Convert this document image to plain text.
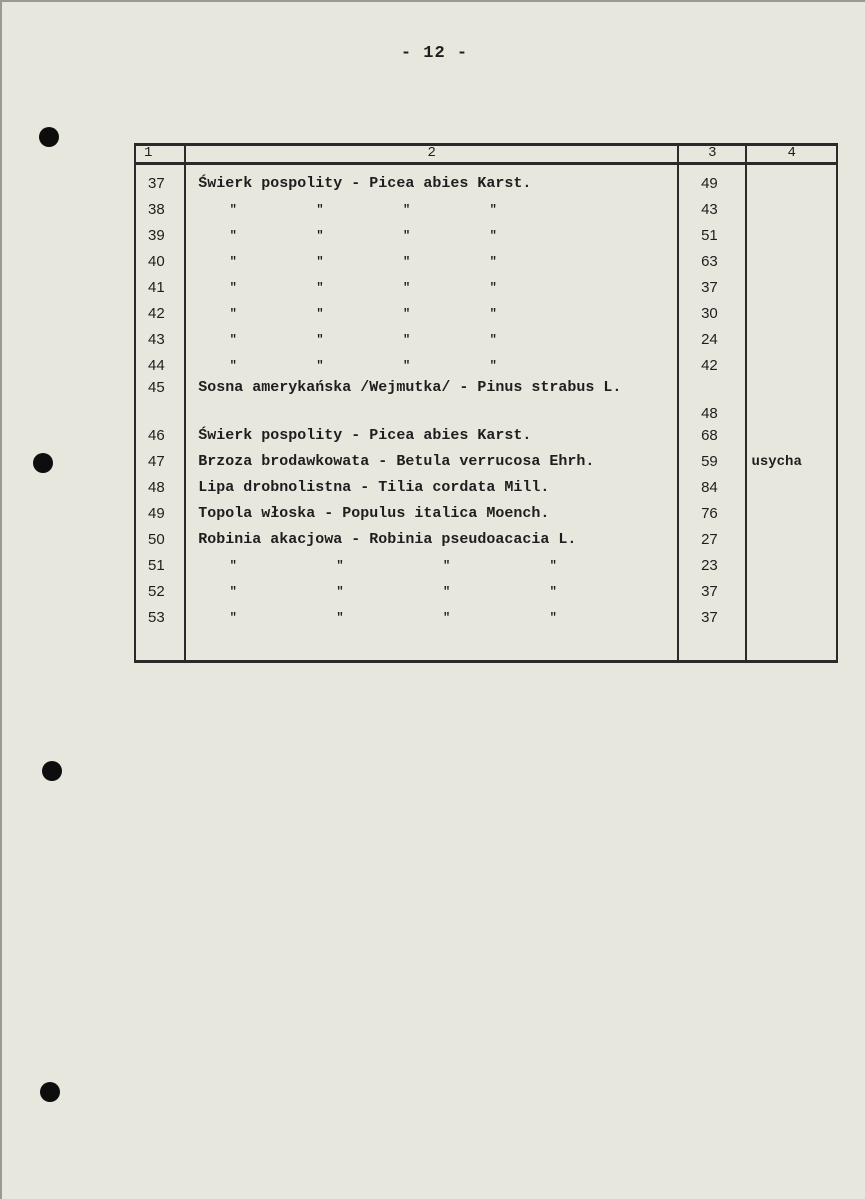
- 12 -
1	2	3	4
37	Świerk pospolity - Picea abies Karst.	49	
38	" " " "	43	
39	" " " "	51	
40	" " " "	63	
41	" " " "	37	
42	" " " "	30	
43	" " " "	24	
44	" " " "	42	
45	Sosna amerykańska /Wejmutka/ - Pinus strabus L.	48	
46	Świerk pospolity - Picea abies Karst.	68	
47	Brzoza brodawkowata - Betula verrucosa Ehrh.	59	usycha
48	Lipa drobnolistna - Tilia cordata Mill.	84	
49	Topola włoska - Populus italica Moench.	76	
50	Robinia akacjowa - Robinia pseudoacacia L.	27	
51	" " " "	23	
52	" " " "	37	
53	" " " "	37	
